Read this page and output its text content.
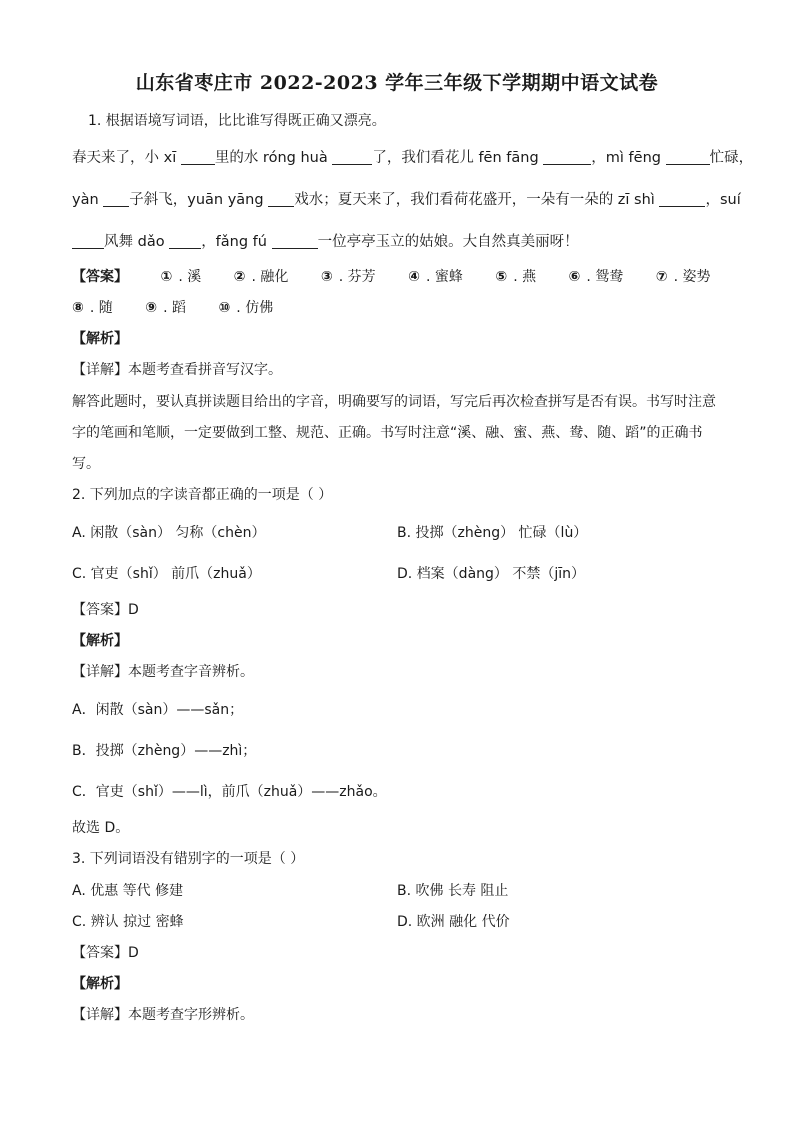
山东省枣庄市 2022-2023 学年三年级下学期期中语文试卷
1. 根据语境写词语，比比谁写得既正确又漂亮。
春天来了，小 xī 里的水 róng huà	了，我们看花儿 fēn fāng	，mì fēng	忙碌，
yàn 子斜飞，yuān yāng 戏水；夏天来了，我们看荷花盛开，一朵有一朵的 zī shì	，suí
风舞 dǎo ，fǎng fú	一位亭亭玉立的姑娘。大自然真美丽呀！
【答案】 ① . 溪 ② . 融化 ③ . 芬芳 ④ . 蜜蜂 ⑤ . 燕 ⑥ . 鸳鸯 ⑦ . 姿势
⑧ . 随 ⑨ . 蹈 ⑩ . 仿佛
【解析】
【详解】本题考查看拼音写汉字。
解答此题时，要认真拼读题目给出的字音，明确要写的词语，写完后再次检查拼写是否有误。书写时注意
字的笔画和笔顺，一定要做到工整、规范、正确。书写时注意“溪、融、蜜、燕、鸯、随、蹈”的正确书
写。
2. 下列加点的字读音都正确的一项是（ ）
A. 闲散（sàn） 匀称（chèn）	B. 投掷（zhèng） 忙碌（lù）
C. 官吏（shǐ） 前爪（zhuǎ）	D. 档案（dàng） 不禁（jīn）
【答案】D
【解析】
【详解】本题考查字音辨析。
A．闲散（sàn）——sǎn；
B．投掷（zhèng）——zhì；
C．官吏（shǐ）——lì，前爪（zhuǎ）——zhǎo。
故选 D。
3. 下列词语没有错别字的一项是（ ）
A. 优惠 等代 修建	B. 吹佛 长寿 阻止
C. 辨认 掠过 密蜂	D. 欧洲 融化 代价
【答案】D
【解析】
【详解】本题考查字形辨析。
